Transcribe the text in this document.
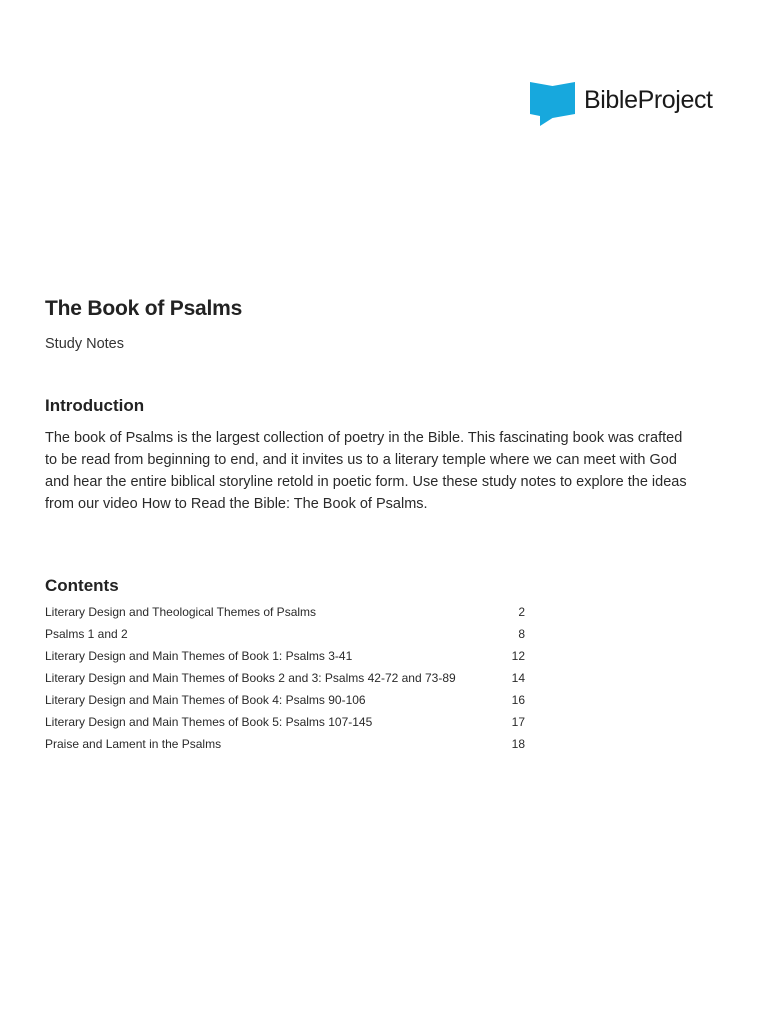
BibleProject
The Book of Psalms

Study Notes

Introduction

The book of Psalms is the largest collection of poetry in the Bible. This fascinating book was crafted to be read from beginning to end, and it invites us to a literary temple where we can meet with God and hear the entire biblical storyline retold in poetic form. Use these study notes to explore the ideas from our video How to Read the Bible: The Book of Psalms.

Contents
Literary Design and Theological Themes of Psalms	2
Psalms 1 and 2	8
Literary Design and Main Themes of Book 1: Psalms 3-41	12
Literary Design and Main Themes of Books 2 and 3: Psalms 42-72 and 73-89	14
Literary Design and Main Themes of Book 4: Psalms 90-106	16
Literary Design and Main Themes of Book 5: Psalms 107-145	17
Praise and Lament in the Psalms	18
